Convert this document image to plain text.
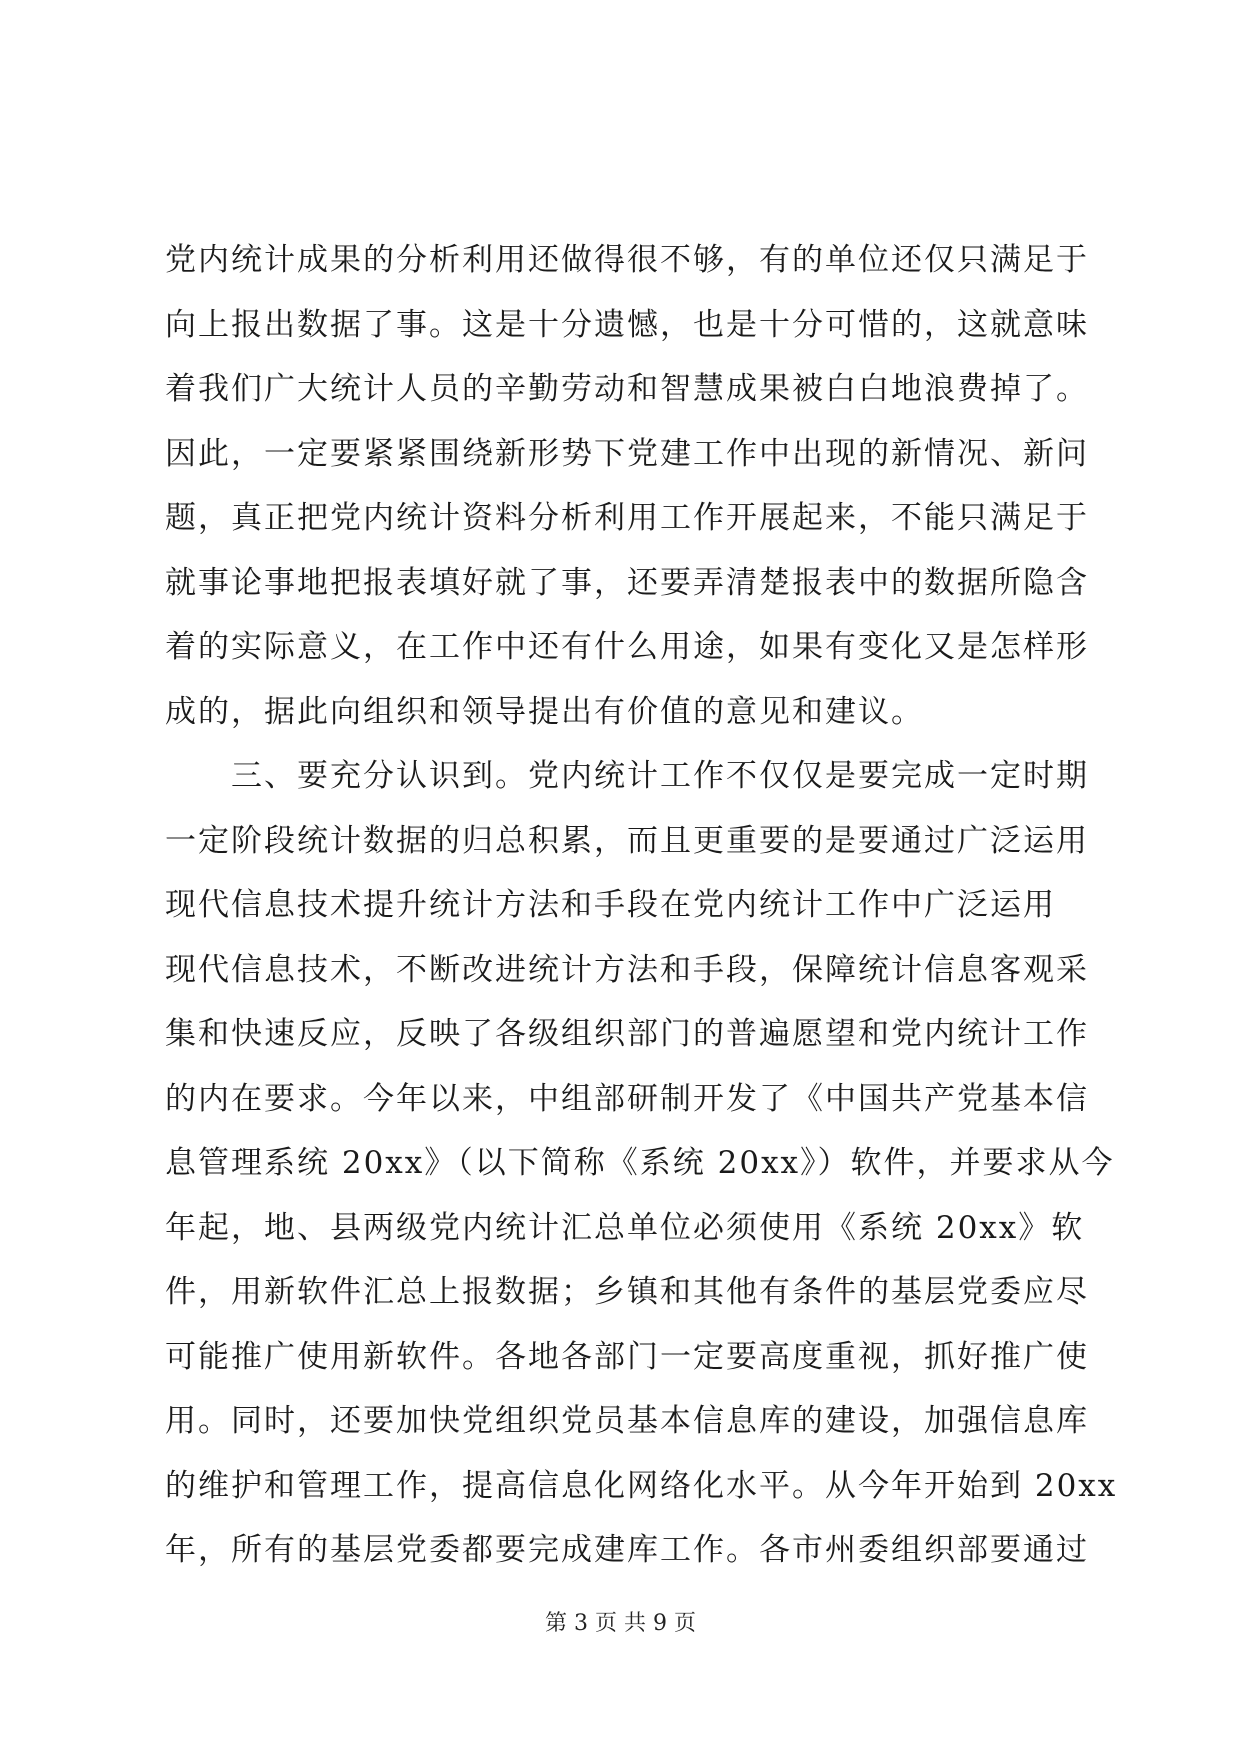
党内统计成果的分析利用还做得很不够，有的单位还仅只满足于
向上报出数据了事。这是十分遗憾，也是十分可惜的，这就意味
着我们广大统计人员的辛勤劳动和智慧成果被白白地浪费掉了。
因此，一定要紧紧围绕新形势下党建工作中出现的新情况、新问
题，真正把党内统计资料分析利用工作开展起来，不能只满足于
就事论事地把报表填好就了事，还要弄清楚报表中的数据所隐含
着的实际意义，在工作中还有什么用途，如果有变化又是怎样形
成的，据此向组织和领导提出有价值的意见和建议。
　　三、要充分认识到。党内统计工作不仅仅是要完成一定时期
一定阶段统计数据的归总积累，而且更重要的是要通过广泛运用
现代信息技术提升统计方法和手段在党内统计工作中广泛运用
现代信息技术，不断改进统计方法和手段，保障统计信息客观采
集和快速反应，反映了各级组织部门的普遍愿望和党内统计工作
的内在要求。今年以来，中组部研制开发了《中国共产党基本信
息管理系统 20xx》（以下简称《系统 20xx》）软件，并要求从今
年起，地、县两级党内统计汇总单位必须使用《系统 20xx》软
件，用新软件汇总上报数据；乡镇和其他有条件的基层党委应尽
可能推广使用新软件。各地各部门一定要高度重视，抓好推广使
用。同时，还要加快党组织党员基本信息库的建设，加强信息库
的维护和管理工作，提高信息化网络化水平。从今年开始到 20xx
年，所有的基层党委都要完成建库工作。各市州委组织部要通过
第 3 页 共 9 页
